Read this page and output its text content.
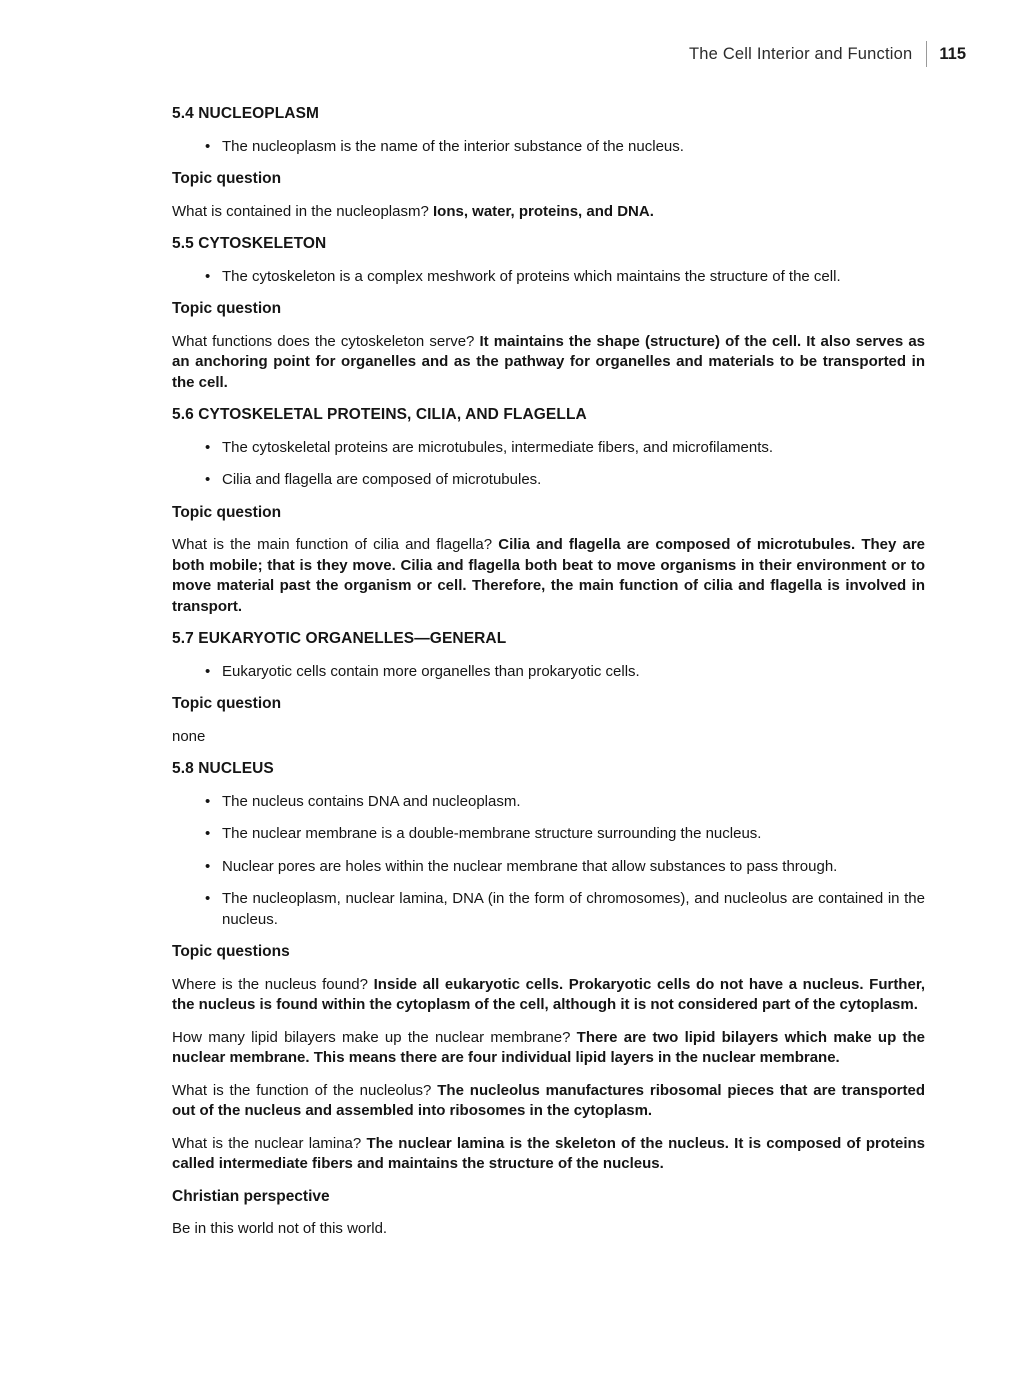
The Cell Interior and Function 115
5.4 NUCLEOPLASM

• The nucleoplasm is the name of the interior substance of the nucleus.

Topic question

What is contained in the nucleoplasm? Ions, water, proteins, and DNA.

5.5 CYTOSKELETON

• The cytoskeleton is a complex meshwork of proteins which maintains the structure of the cell.

Topic question

What functions does the cytoskeleton serve? It maintains the shape (structure) of the cell. It also serves as an anchoring point for organelles and as the pathway for organelles and materials to be transported in the cell.

5.6 CYTOSKELETAL PROTEINS, CILIA, AND FLAGELLA

• The cytoskeletal proteins are microtubules, intermediate fibers, and microfilaments.

• Cilia and flagella are composed of microtubules.

Topic question

What is the main function of cilia and flagella? Cilia and flagella are composed of microtubules. They are both mobile; that is they move. Cilia and flagella both beat to move organisms in their environment or to move material past the organism or cell. Therefore, the main function of cilia and flagella is involved in transport.

5.7 EUKARYOTIC ORGANELLES—GENERAL

• Eukaryotic cells contain more organelles than prokaryotic cells.

Topic question

none

5.8 NUCLEUS

• The nucleus contains DNA and nucleoplasm.

• The nuclear membrane is a double-membrane structure surrounding the nucleus.

• Nuclear pores are holes within the nuclear membrane that allow substances to pass through.

• The nucleoplasm, nuclear lamina, DNA (in the form of chromosomes), and nucleolus are contained in the nucleus.

Topic questions

Where is the nucleus found? Inside all eukaryotic cells. Prokaryotic cells do not have a nucleus. Further, the nucleus is found within the cytoplasm of the cell, although it is not considered part of the cytoplasm.

How many lipid bilayers make up the nuclear membrane? There are two lipid bilayers which make up the nuclear membrane. This means there are four individual lipid layers in the nuclear membrane.

What is the function of the nucleolus? The nucleolus manufactures ribosomal pieces that are transported out of the nucleus and assembled into ribosomes in the cytoplasm.

What is the nuclear lamina? The nuclear lamina is the skeleton of the nucleus. It is composed of proteins called intermediate fibers and maintains the structure of the nucleus.

Christian perspective

Be in this world not of this world.
